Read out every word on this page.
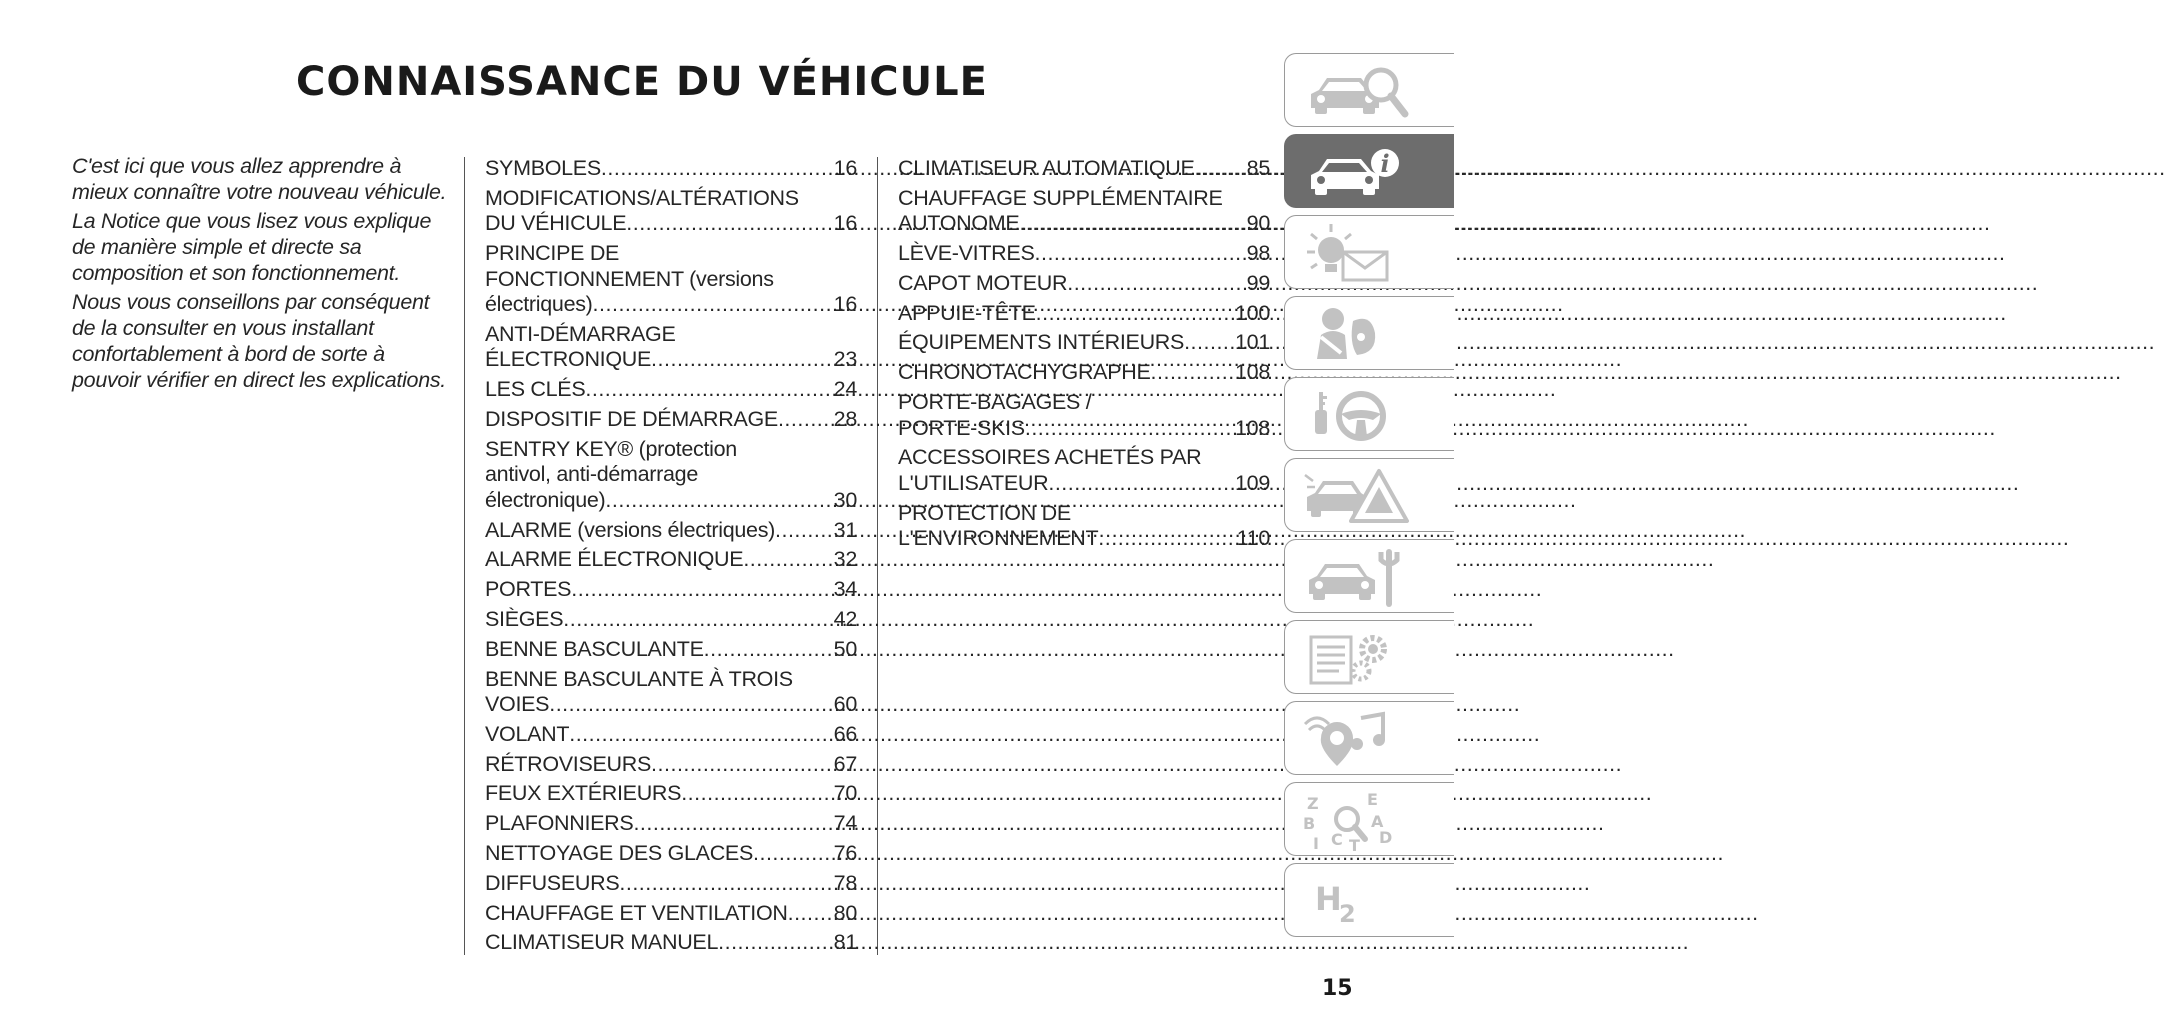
CONNAISSANCE DU VÉHICULE

C'est ici que vous allez apprendre à mieux connaître votre nouveau véhicule.

La Notice que vous lisez vous explique de manière simple et directe sa composition et son fonctionnement.

Nous vous conseillons par conséquent de la consulter en vous installant confortablement à bord de sorte à pouvoir vérifier en direct les explications.

SYMBOLES .....	16
MODIFICATIONS/ALTÉRATIONS
DU VÉHICULE .....	16
PRINCIPE DE
FONCTIONNEMENT (versions
électriques) .....	16
ANTI-DÉMARRAGE
ÉLECTRONIQUE .....	23
LES CLÉS .....	24
DISPOSITIF DE DÉMARRAGE .....	28
SENTRY KEY® (protection
antivol, anti-démarrage
électronique) .....	30
ALARME (versions électriques) .....	31
ALARME ÉLECTRONIQUE .....	32
PORTES .....	34
SIÈGES .....	42
BENNE BASCULANTE .....	50
BENNE BASCULANTE À TROIS
VOIES .....	60
VOLANT .....	66
RÉTROVISEURS .....	67
FEUX EXTÉRIEURS .....	70
PLAFONNIERS .....	74
NETTOYAGE DES GLACES .....	76
DIFFUSEURS .....	78
CHAUFFAGE ET VENTILATION .....	80
CLIMATISEUR MANUEL .....	81
CLIMATISEUR AUTOMATIQUE .....	85
CHAUFFAGE SUPPLÉMENTAIRE
AUTONOME .....	90
LÈVE-VITRES .....	98
CAPOT MOTEUR .....	99
APPUIE-TÊTE .....	100
ÉQUIPEMENTS INTÉRIEURS ..... 101
CHRONOTACHYGRAPHE .....	108
PORTE-BAGAGES /
PORTE-SKIS .....	108
ACCESSOIRES ACHETÉS PAR
L'UTILISATEUR .....	109
PROTECTION DE
L'ENVIRONNEMENT .....	110
i
Z	E
B	A
I C T D
H
2
15
